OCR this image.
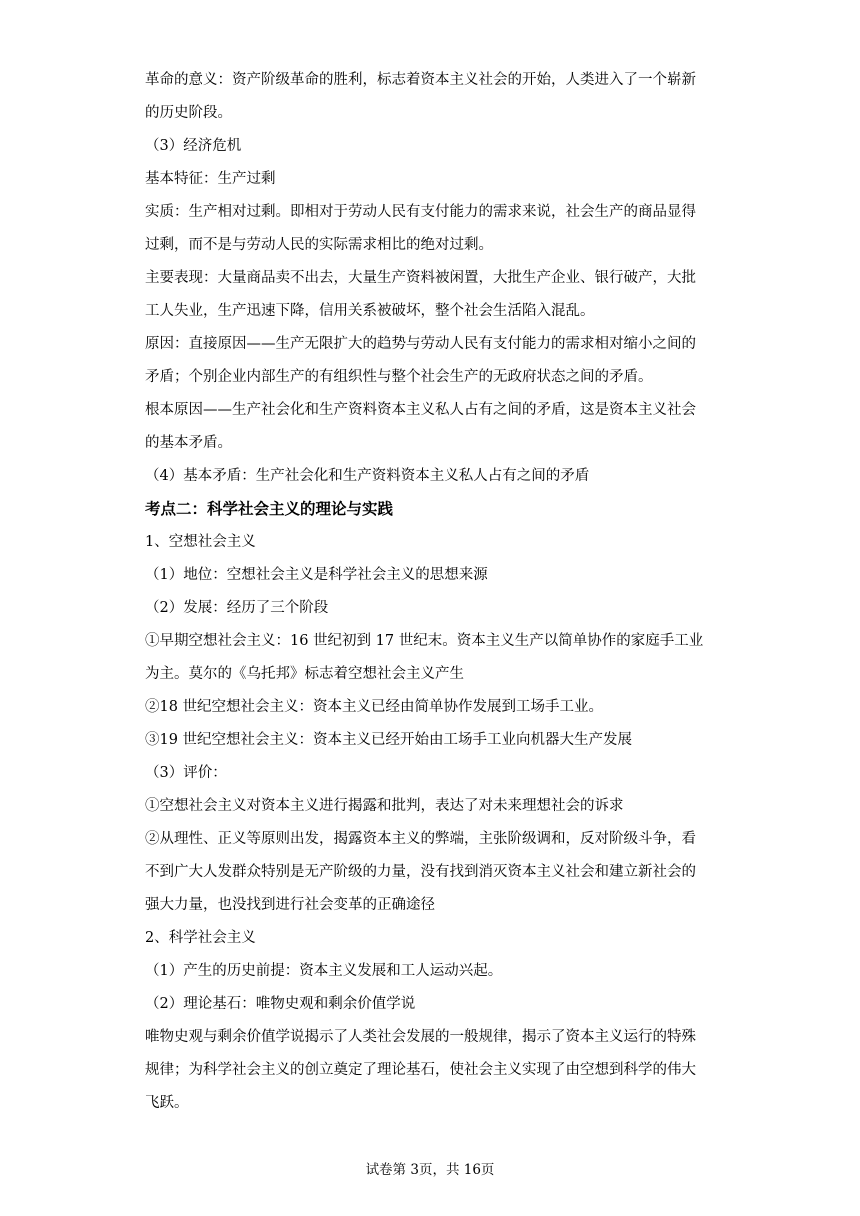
革命的意义：资产阶级革命的胜利，标志着资本主义社会的开始，人类进入了一个崭新

的历史阶段。

（3）经济危机

基本特征：生产过剩

实质：生产相对过剩。即相对于劳动人民有支付能力的需求来说，社会生产的商品显得

过剩，而不是与劳动人民的实际需求相比的绝对过剩。

主要表现：大量商品卖不出去，大量生产资料被闲置，大批生产企业、银行破产，大批

工人失业，生产迅速下降，信用关系被破坏，整个社会生活陷入混乱。

原因：直接原因——生产无限扩大的趋势与劳动人民有支付能力的需求相对缩小之间的

矛盾；个别企业内部生产的有组织性与整个社会生产的无政府状态之间的矛盾。

根本原因——生产社会化和生产资料资本主义私人占有之间的矛盾，这是资本主义社会

的基本矛盾。

（4）基本矛盾：生产社会化和生产资料资本主义私人占有之间的矛盾

考点二：科学社会主义的理论与实践

1、空想社会主义

（1）地位：空想社会主义是科学社会主义的思想来源

（2）发展：经历了三个阶段

①早期空想社会主义：16 世纪初到 17 世纪末。资本主义生产以简单协作的家庭手工业

为主。莫尔的《乌托邦》标志着空想社会主义产生

②18 世纪空想社会主义：资本主义已经由简单协作发展到工场手工业。

③19 世纪空想社会主义：资本主义已经开始由工场手工业向机器大生产发展

（3）评价：

①空想社会主义对资本主义进行揭露和批判，表达了对未来理想社会的诉求

②从理性、正义等原则出发，揭露资本主义的弊端，主张阶级调和，反对阶级斗争，看

不到广大人发群众特别是无产阶级的力量，没有找到消灭资本主义社会和建立新社会的

强大力量，也没找到进行社会变革的正确途径

2、科学社会主义

（1）产生的历史前提：资本主义发展和工人运动兴起。

（2）理论基石：唯物史观和剩余价值学说

唯物史观与剩余价值学说揭示了人类社会发展的一般规律，揭示了资本主义运行的特殊

规律；为科学社会主义的创立奠定了理论基石，使社会主义实现了由空想到科学的伟大

飞跃。

试卷第 3页，共 16页
